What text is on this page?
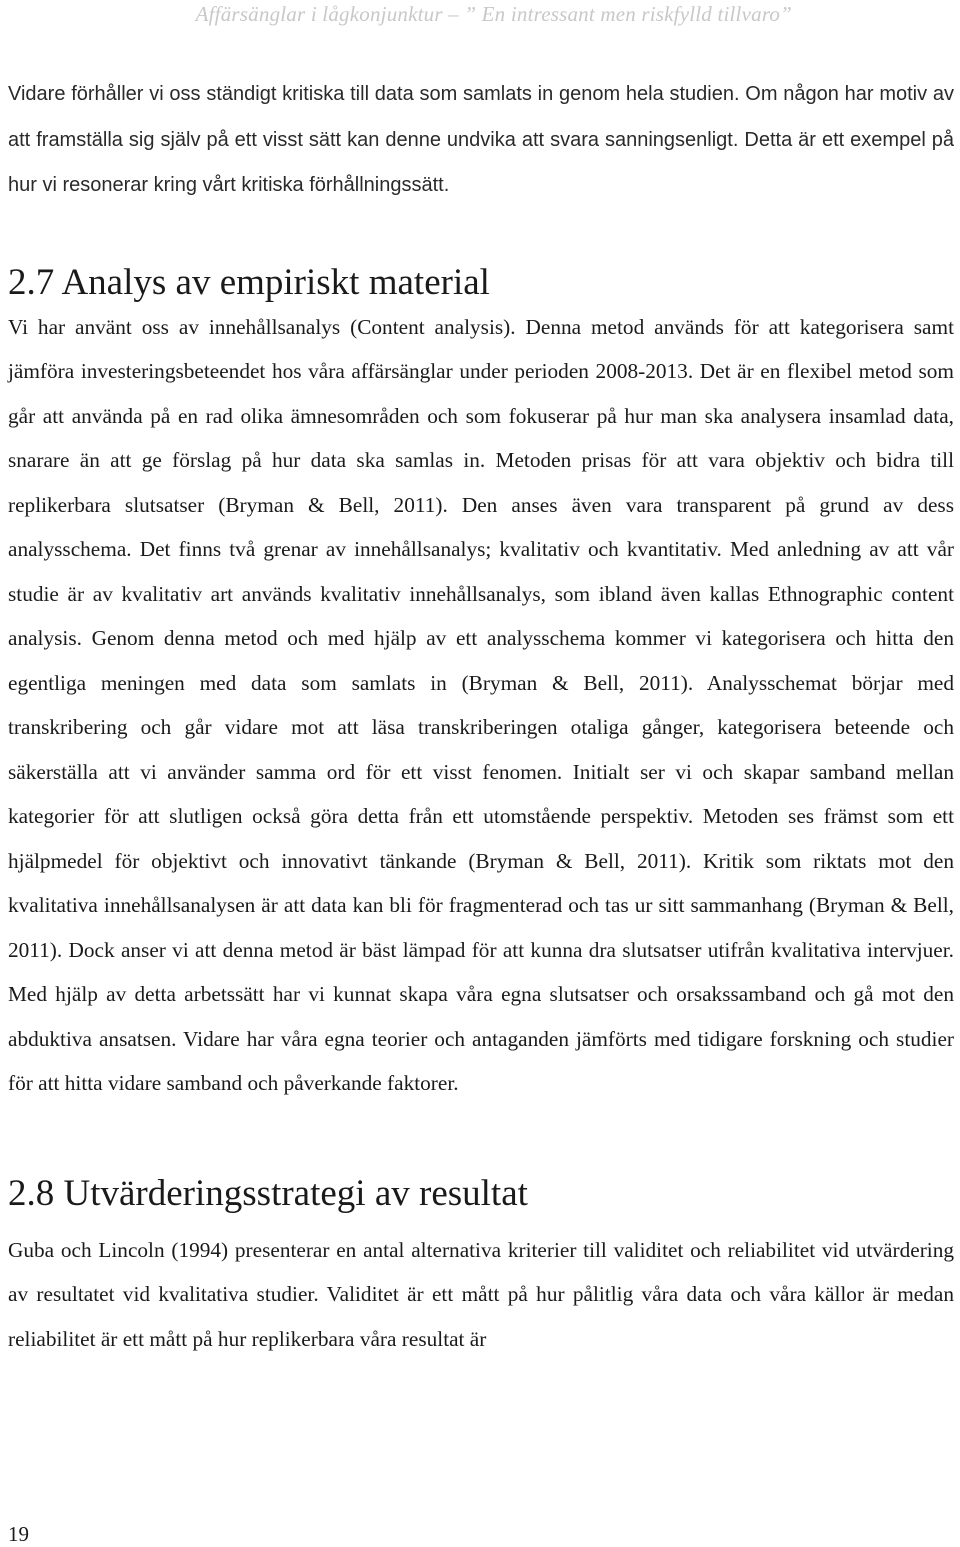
Affärsänglar i lågkonjunktur – ” En intressant men riskfylld tillvaro”

Vidare förhåller vi oss ständigt kritiska till data som samlats in genom hela studien. Om någon har motiv av att framställa sig själv på ett visst sätt kan denne undvika att svara sanningsenligt. Detta är ett exempel på hur vi resonerar kring vårt kritiska förhållningssätt.

2.7 Analys av empiriskt material

Vi har använt oss av innehållsanalys (Content analysis). Denna metod används för att kategorisera samt jämföra investeringsbeteendet hos våra affärsänglar under perioden 2008-2013. Det är en flexibel metod som går att använda på en rad olika ämnesområden och som fokuserar på hur man ska analysera insamlad data, snarare än att ge förslag på hur data ska samlas in. Metoden prisas för att vara objektiv och bidra till replikerbara slutsatser (Bryman & Bell, 2011). Den anses även vara transparent på grund av dess analysschema. Det finns två grenar av innehållsanalys; kvalitativ och kvantitativ. Med anledning av att vår studie är av kvalitativ art används kvalitativ innehållsanalys, som ibland även kallas Ethnographic content analysis. Genom denna metod och med hjälp av ett analysschema kommer vi kategorisera och hitta den egentliga meningen med data som samlats in (Bryman & Bell, 2011). Analysschemat börjar med transkribering och går vidare mot att läsa transkriberingen otaliga gånger, kategorisera beteende och säkerställa att vi använder samma ord för ett visst fenomen. Initialt ser vi och skapar samband mellan kategorier för att slutligen också göra detta från ett utomstående perspektiv. Metoden ses främst som ett hjälpmedel för objektivt och innovativt tänkande (Bryman & Bell, 2011). Kritik som riktats mot den kvalitativa innehållsanalysen är att data kan bli för fragmenterad och tas ur sitt sammanhang (Bryman & Bell, 2011). Dock anser vi att denna metod är bäst lämpad för att kunna dra slutsatser utifrån kvalitativa intervjuer. Med hjälp av detta arbetssätt har vi kunnat skapa våra egna slutsatser och orsakssamband och gå mot den abduktiva ansatsen. Vidare har våra egna teorier och antaganden jämförts med tidigare forskning och studier för att hitta vidare samband och påverkande faktorer.

2.8 Utvärderingsstrategi av resultat

Guba och Lincoln (1994) presenterar en antal alternativa kriterier till validitet och reliabilitet vid utvärdering av resultatet vid kvalitativa studier. Validitet är ett mått på hur pålitlig våra data och våra källor är medan reliabilitet är ett mått på hur replikerbara våra resultat är

19
